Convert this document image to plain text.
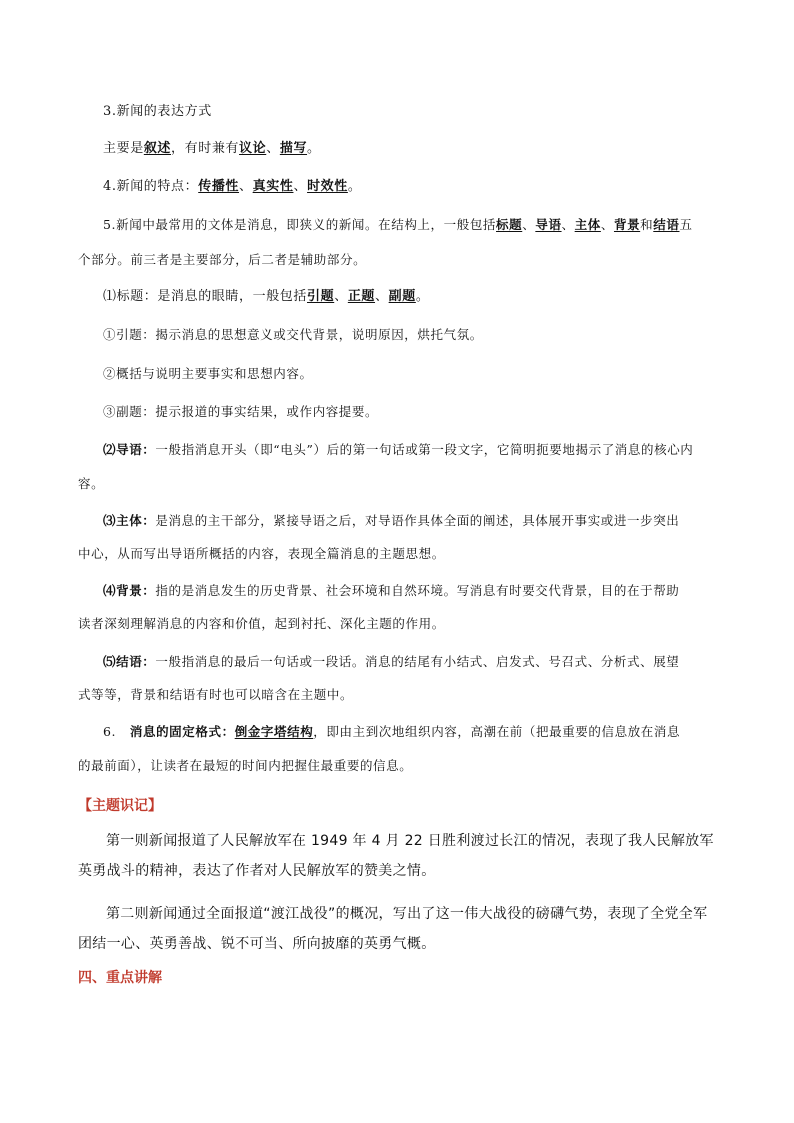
3.新闻的表达方式
主要是叙述，有时兼有议论、描写。
4.新闻的特点：传播性、真实性、时效性。
5.新闻中最常用的文体是消息，即狭义的新闻。在结构上，一般包括标题、导语、主体、背景和结语五
个部分。前三者是主要部分，后二者是辅助部分。
⑴标题：是消息的眼睛，一般包括引题、正题、副题。
①引题：揭示消息的思想意义或交代背景，说明原因，烘托气氛。
②概括与说明主要事实和思想内容。
③副题：提示报道的事实结果，或作内容提要。
⑵导语：一般指消息开头（即“电头”）后的第一句话或第一段文字，它简明扼要地揭示了消息的核心内
容。
⑶主体：是消息的主干部分，紧接导语之后，对导语作具体全面的阐述，具体展开事实或进一步突出
中心，从而写出导语所概括的内容，表现全篇消息的主题思想。
⑷背景：指的是消息发生的历史背景、社会环境和自然环境。写消息有时要交代背景，目的在于帮助
读者深刻理解消息的内容和价值，起到衬托、深化主题的作用。
⑸结语：一般指消息的最后一句话或一段话。消息的结尾有小结式、启发式、号召式、分析式、展望
式等等，背景和结语有时也可以暗含在主题中。
6. 消息的固定格式：倒金字塔结构，即由主到次地组织内容，高潮在前（把最重要的信息放在消息
的最前面），让读者在最短的时间内把握住最重要的信息。
【主题识记】
第一则新闻报道了人民解放军在 1949 年 4 月 22 日胜利渡过长江的情况，表现了我人民解放军英勇战斗的精神，表达了作者对人民解放军的赞美之情。
第二则新闻通过全面报道“渡江战役”的概况，写出了这一伟大战役的磅礴气势，表现了全党全军团结一心、英勇善战、锐不可当、所向披靡的英勇气概。
四、重点讲解
